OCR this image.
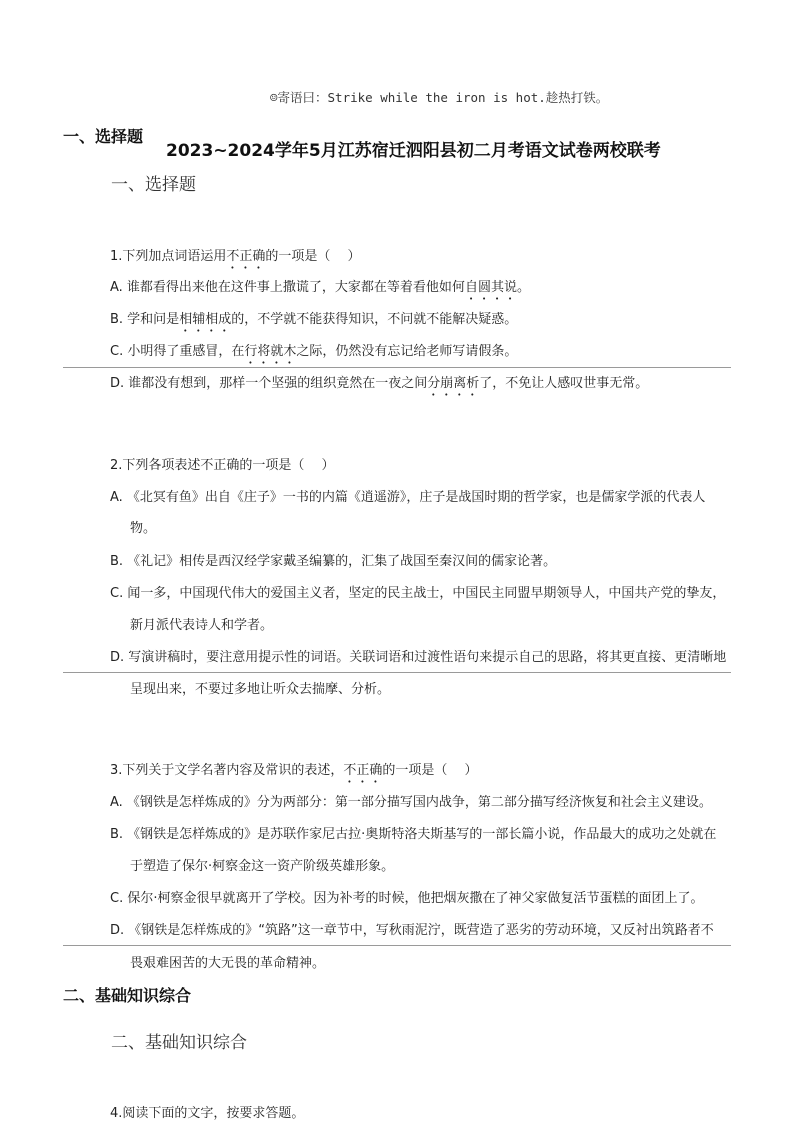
☺寄语曰：Strike while the iron is hot.趁热打铁。
一、选择题
2023~2024学年5月江苏宿迁泗阳县初二月考语文试卷两校联考
一、选择题
1.下列加点词语运用不正确的一项是（　 ）
A. 谁都看得出来他在这件事上撒谎了，大家都在等着看他如何自圆其说。
B. 学和问是相辅相成的，不学就不能获得知识，不问就不能解决疑惑。
C. 小明得了重感冒，在行将就木之际，仍然没有忘记给老师写请假条。
D. 谁都没有想到，那样一个坚强的组织竟然在一夜之间分崩离析了，不免让人感叹世事无常。
2.下列各项表述不正确的一项是（　 ）
A. 《北冥有鱼》出自《庄子》一书的内篇《逍遥游》，庄子是战国时期的哲学家，也是儒家学派的代表人
物。
B. 《礼记》相传是西汉经学家戴圣编纂的，汇集了战国至秦汉间的儒家论著。
C. 闻一多，中国现代伟大的爱国主义者，坚定的民主战士，中国民主同盟早期领导人，中国共产党的挚友，
新月派代表诗人和学者。
D. 写演讲稿时，要注意用提示性的词语。关联词语和过渡性语句来提示自己的思路，将其更直接、更清晰地
呈现出来，不要过多地让听众去揣摩、分析。
3.下列关于文学名著内容及常识的表述，不正确的一项是（　 ）
A. 《钢铁是怎样炼成的》分为两部分：第一部分描写国内战争，第二部分描写经济恢复和社会主义建设。
B. 《钢铁是怎样炼成的》是苏联作家尼古拉·奥斯特洛夫斯基写的一部长篇小说，作品最大的成功之处就在
于塑造了保尔·柯察金这一资产阶级英雄形象。
C. 保尔·柯察金很早就离开了学校。因为补考的时候，他把烟灰撒在了神父家做复活节蛋糕的面团上了。
D. 《钢铁是怎样炼成的》“筑路”这一章节中，写秋雨泥泞，既营造了恶劣的劳动环境，又反衬出筑路者不
畏艰难困苦的大无畏的革命精神。
二、基础知识综合
二、基础知识综合
4.阅读下面的文字，按要求答题。
